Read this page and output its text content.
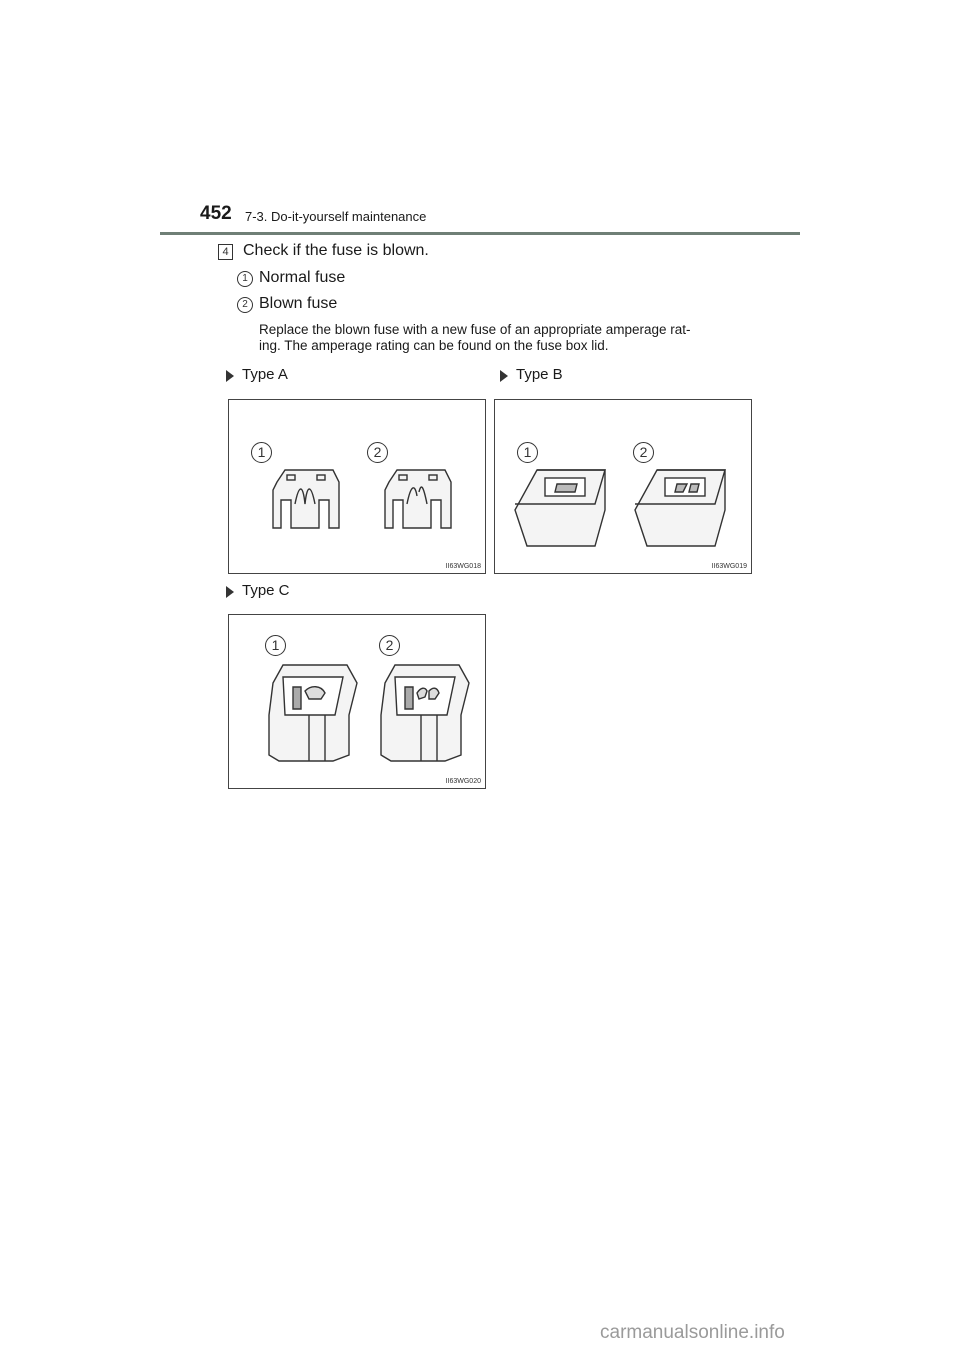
452 7-3. Do-it-yourself maintenance
4 Check if the fuse is blown.
1 Normal fuse
2 Blown fuse
Replace the blown fuse with a new fuse of an appropriate amperage rat-
ing. The amperage rating can be found on the fuse box lid.
Type A	Type B
Type C
1	2
II63WG018
1	2
II63WG019
1	2
II63WG020
carmanualsonline.info
